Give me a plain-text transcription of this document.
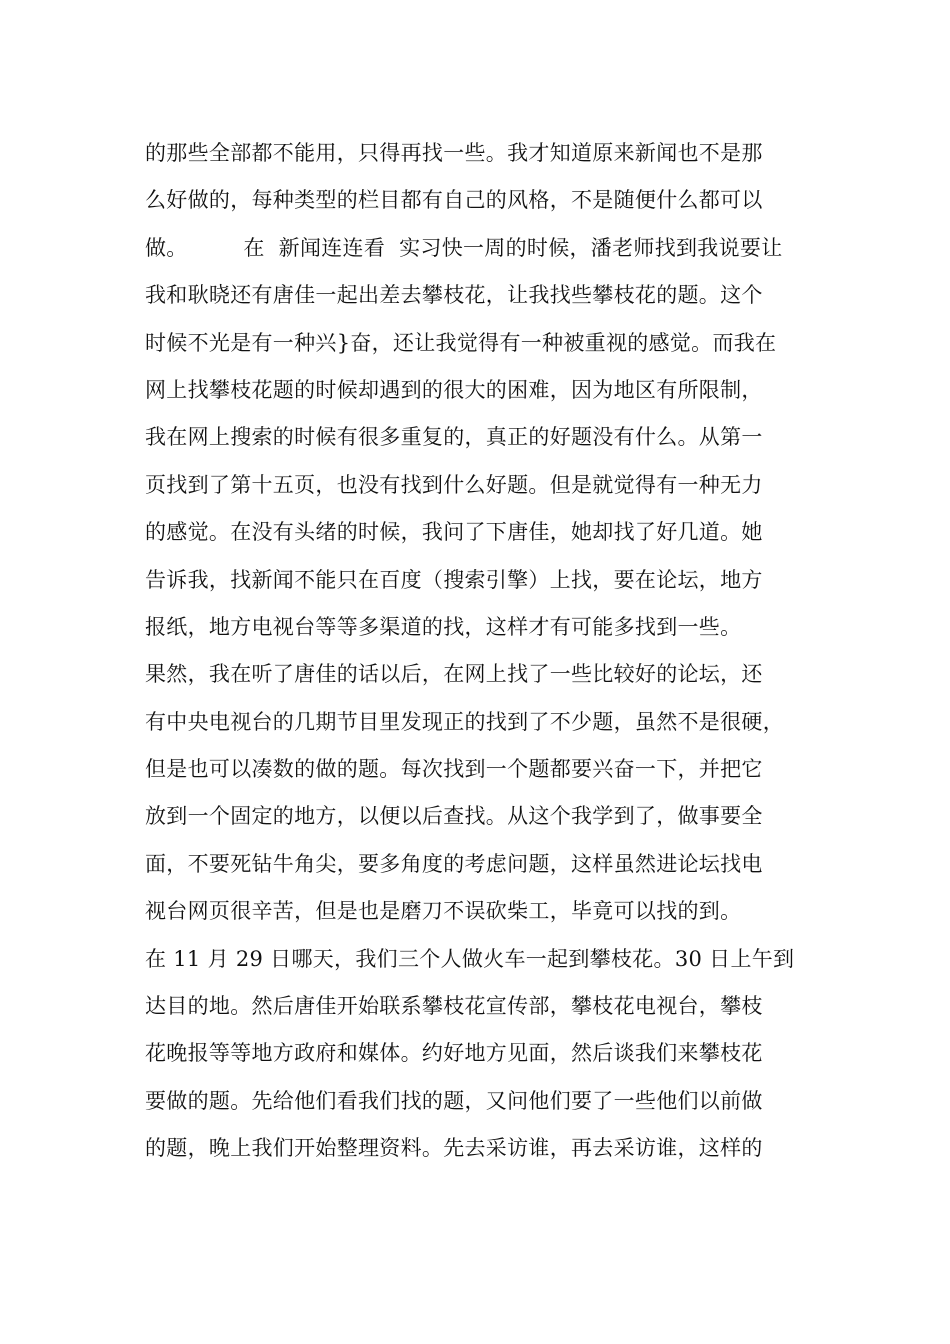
的那些全部都不能用，只得再找一些。我才知道原来新闻也不是那
么好做的，每种类型的栏目都有自己的风格，不是随便什么都可以
做。        在  新闻连连看  实习快一周的时候，潘老师找到我说要让
我和耿晓还有唐佳一起出差去攀枝花，让我找些攀枝花的题。这个
时候不光是有一种兴}奋，还让我觉得有一种被重视的感觉。而我在
网上找攀枝花题的时候却遇到的很大的困难，因为地区有所限制，
我在网上搜索的时候有很多重复的，真正的好题没有什么。从第一
页找到了第十五页，也没有找到什么好题。但是就觉得有一种无力
的感觉。在没有头绪的时候，我问了下唐佳，她却找了好几道。她
告诉我，找新闻不能只在百度（搜索引擎）上找，要在论坛，地方
报纸，地方电视台等等多渠道的找，这样才有可能多找到一些。
果然，我在听了唐佳的话以后，在网上找了一些比较好的论坛，还
有中央电视台的几期节目里发现正的找到了不少题，虽然不是很硬，
但是也可以凑数的做的题。每次找到一个题都要兴奋一下，并把它
放到一个固定的地方，以便以后查找。从这个我学到了，做事要全
面，不要死钻牛角尖，要多角度的考虑问题，这样虽然进论坛找电
视台网页很辛苦，但是也是磨刀不误砍柴工，毕竟可以找的到。
在 11 月 29 日哪天，我们三个人做火车一起到攀枝花。30 日上午到
达目的地。然后唐佳开始联系攀枝花宣传部，攀枝花电视台，攀枝
花晚报等等地方政府和媒体。约好地方见面，然后谈我们来攀枝花
要做的题。先给他们看我们找的题，又问他们要了一些他们以前做
的题，晚上我们开始整理资料。先去采访谁，再去采访谁，这样的
